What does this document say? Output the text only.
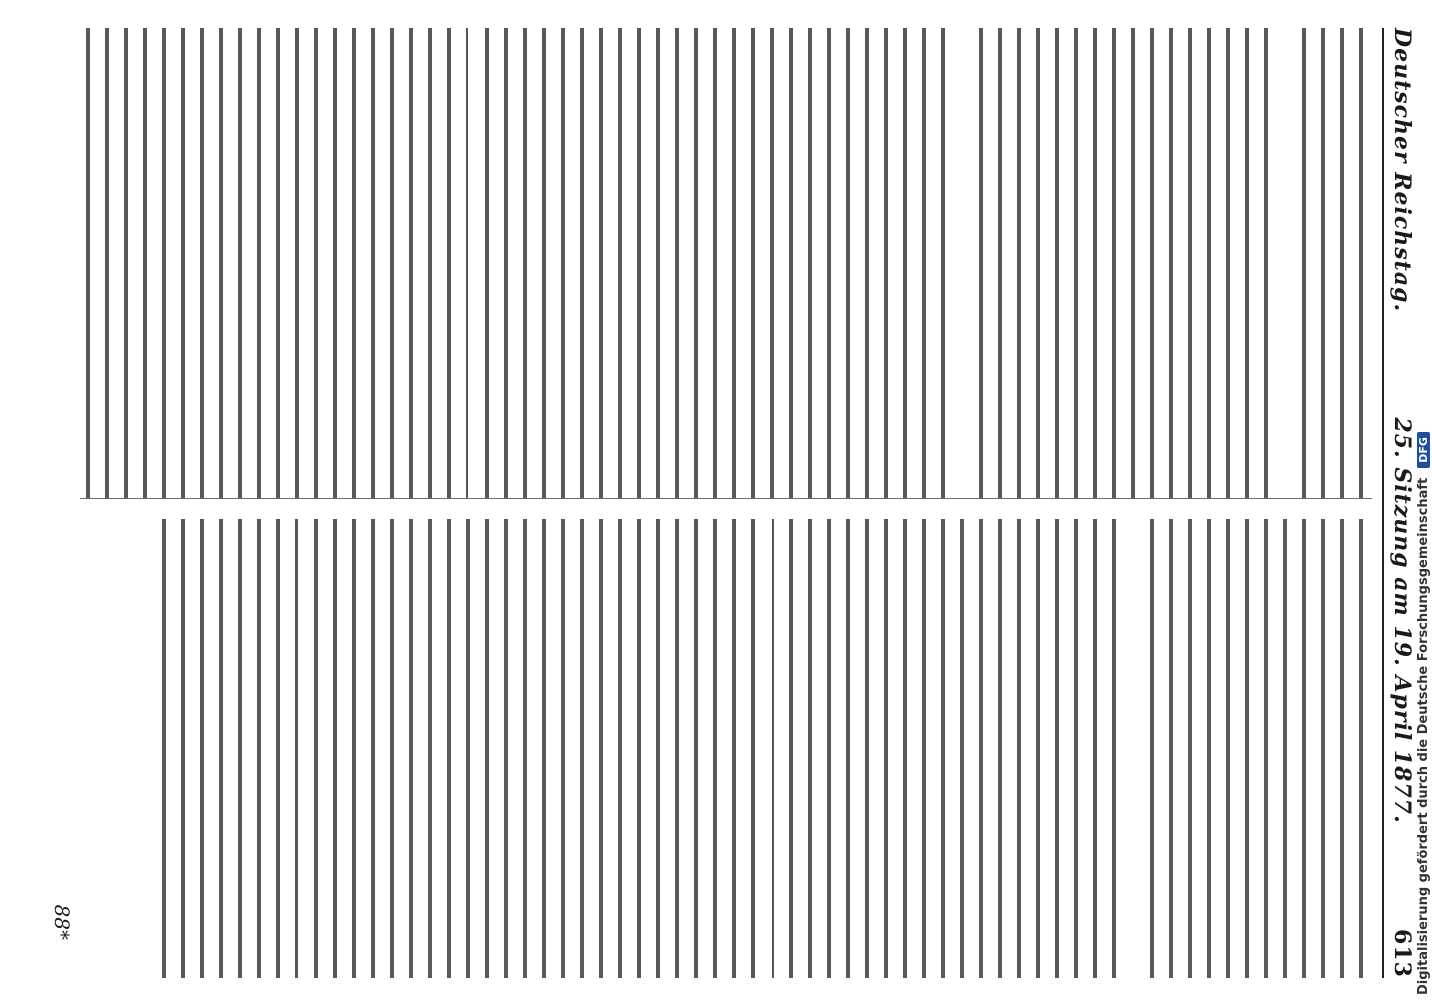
Deutscher Reichstag.
25. Sitzung am 19. April 1877.
613
88*	Digitalisierung gefördert durch die Deutsche Forschungsgemeinschaft
DFG
